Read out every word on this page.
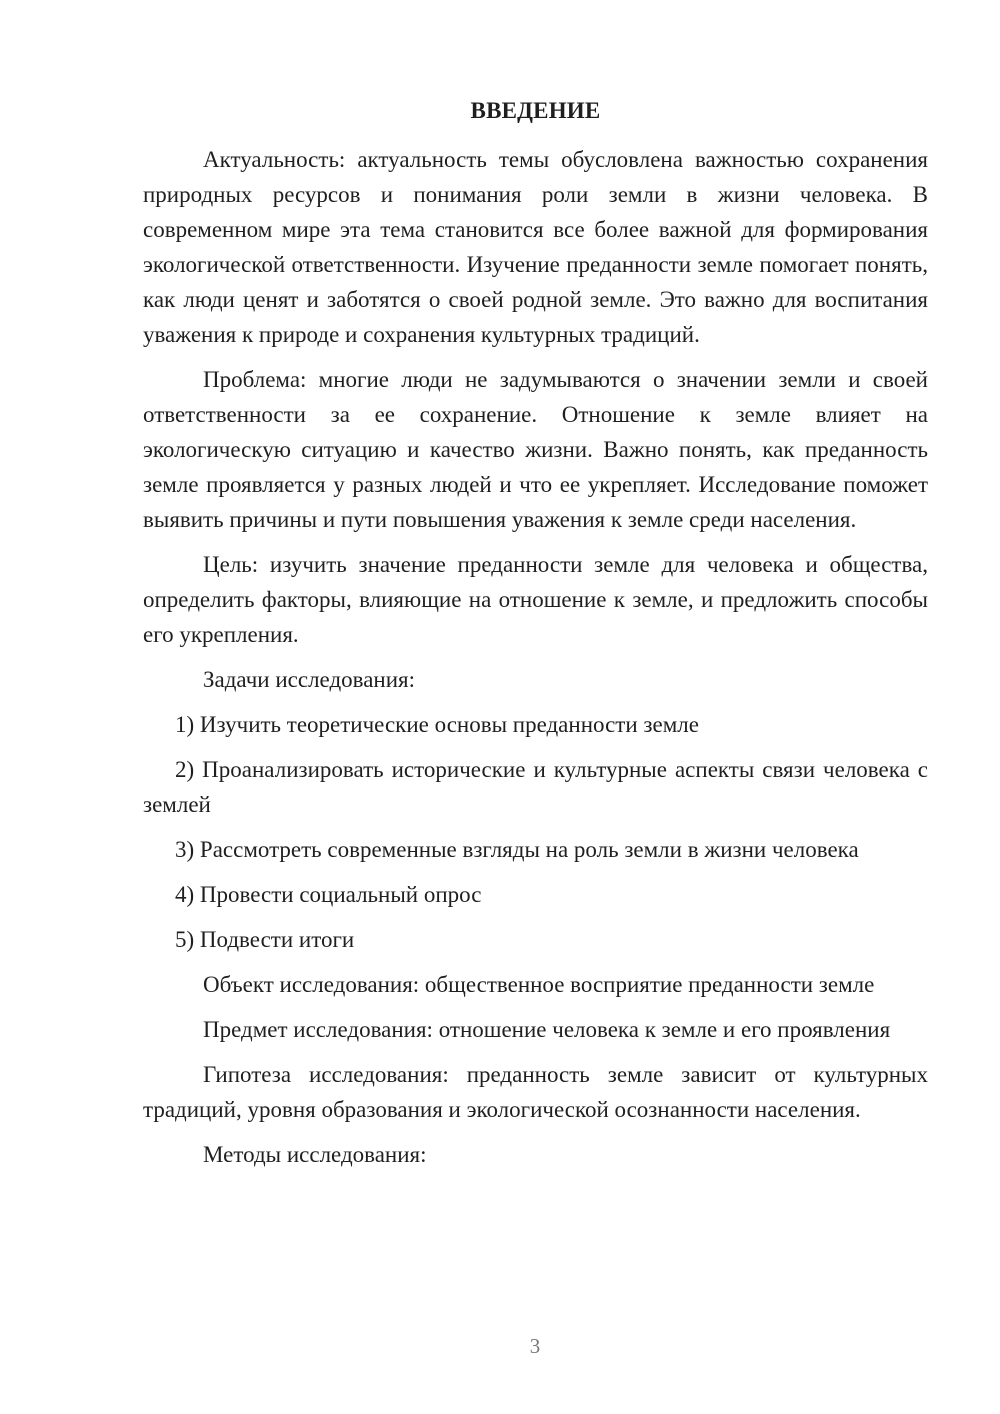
ВВЕДЕНИЕ

Актуальность: актуальность темы обусловлена важностью сохранения природных ресурсов и понимания роли земли в жизни человека. В современном мире эта тема становится все более важной для формирования экологической ответственности. Изучение преданности земле помогает понять, как люди ценят и заботятся о своей родной земле. Это важно для воспитания уважения к природе и сохранения культурных традиций.

Проблема: многие люди не задумываются о значении земли и своей ответственности за ее сохранение. Отношение к земле влияет на экологическую ситуацию и качество жизни. Важно понять, как преданность земле проявляется у разных людей и что ее укрепляет. Исследование поможет выявить причины и пути повышения уважения к земле среди населения.

Цель: изучить значение преданности земле для человека и общества, определить факторы, влияющие на отношение к земле, и предложить способы его укрепления.

Задачи исследования:

1) Изучить теоретические основы преданности земле

2) Проанализировать исторические и культурные аспекты связи человека с землей

3) Рассмотреть современные взгляды на роль земли в жизни человека

4) Провести социальный опрос

5) Подвести итоги

Объект исследования: общественное восприятие преданности земле

Предмет исследования: отношение человека к земле и его проявления

Гипотеза исследования: преданность земле зависит от культурных традиций, уровня образования и экологической осознанности населения.

Методы исследования:

3
